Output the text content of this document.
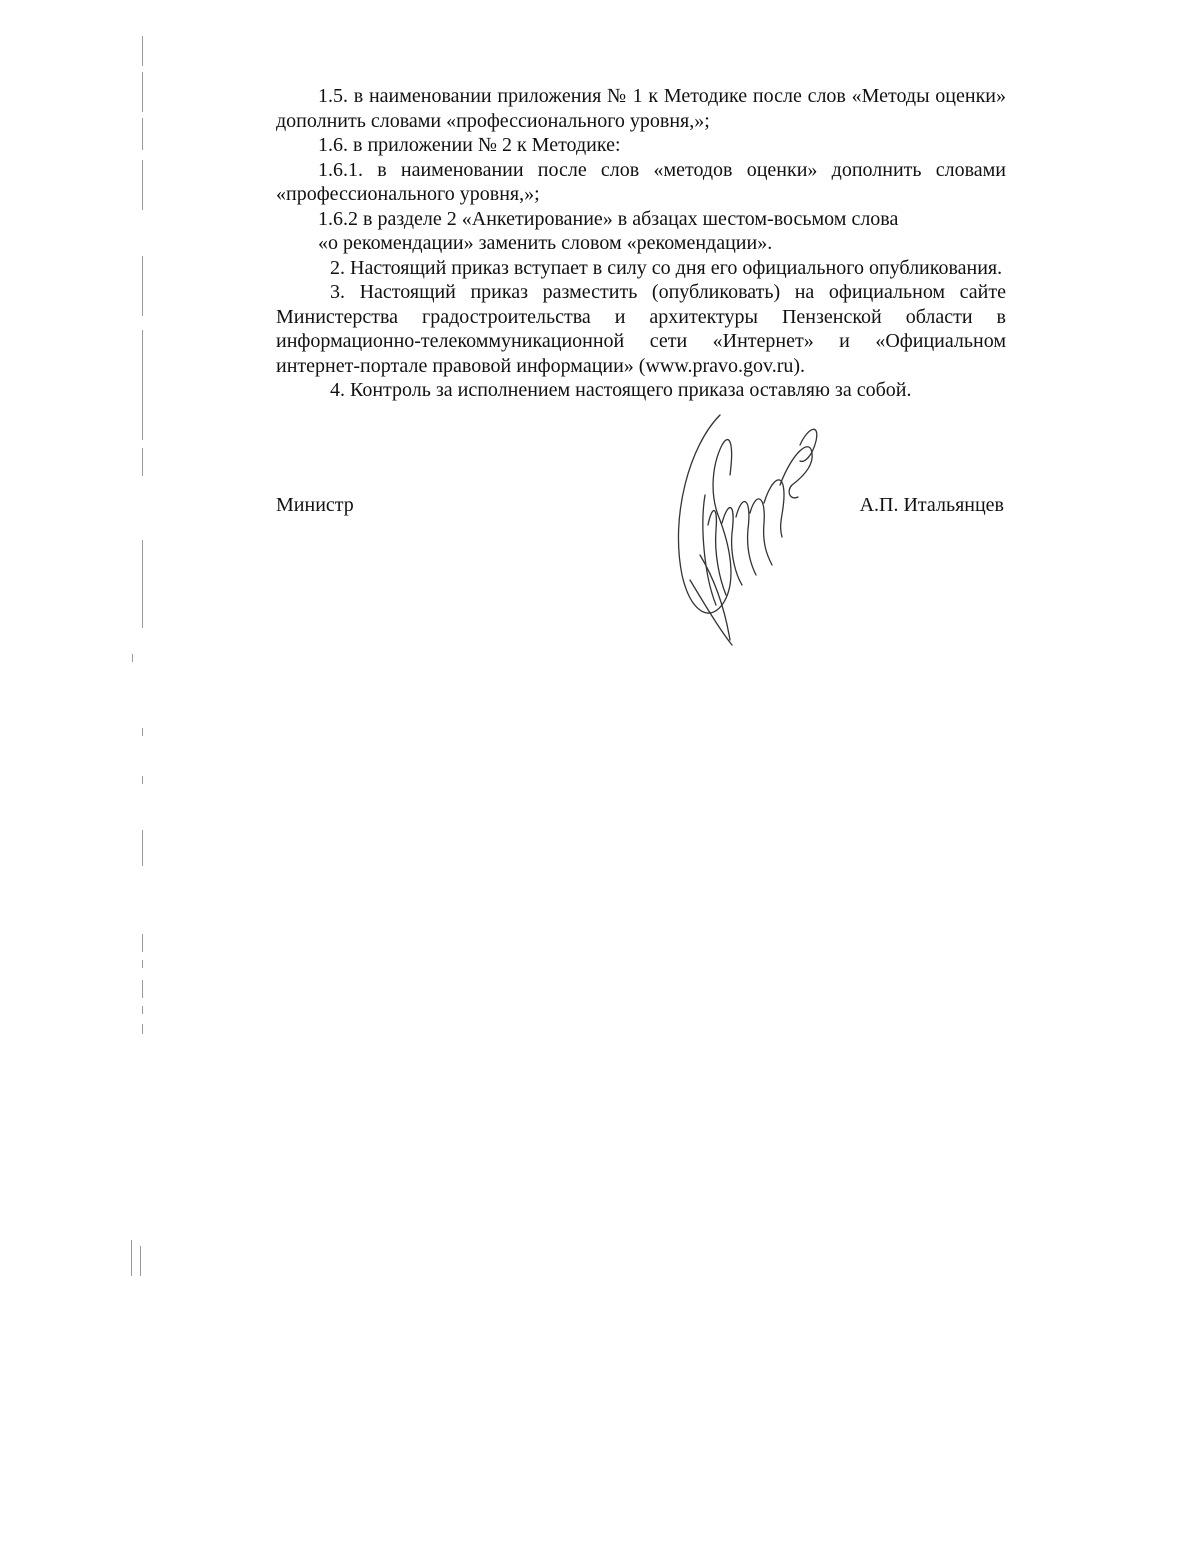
1.5. в наименовании приложения № 1 к Методике после слов «Методы оценки» дополнить словами «профессионального уровня,»;

1.6. в приложении № 2 к Методике:

1.6.1. в наименовании после слов «методов оценки» дополнить словами «профессионального уровня,»;

1.6.2 в разделе 2 «Анкетирование» в абзацах шестом-восьмом слова

«о рекомендации» заменить словом «рекомендации».

2. Настоящий приказ вступает в силу со дня его официального опубликования.

3. Настоящий приказ разместить (опубликовать) на официальном сайте Министерства градостроительства и архитектуры Пензенской области в информационно-телекоммуникационной сети «Интернет» и «Официальном интернет-портале правовой информации» (www.pravo.gov.ru).

4. Контроль за исполнением настоящего приказа оставляю за собой.

Министр	А.П. Итальянцев
